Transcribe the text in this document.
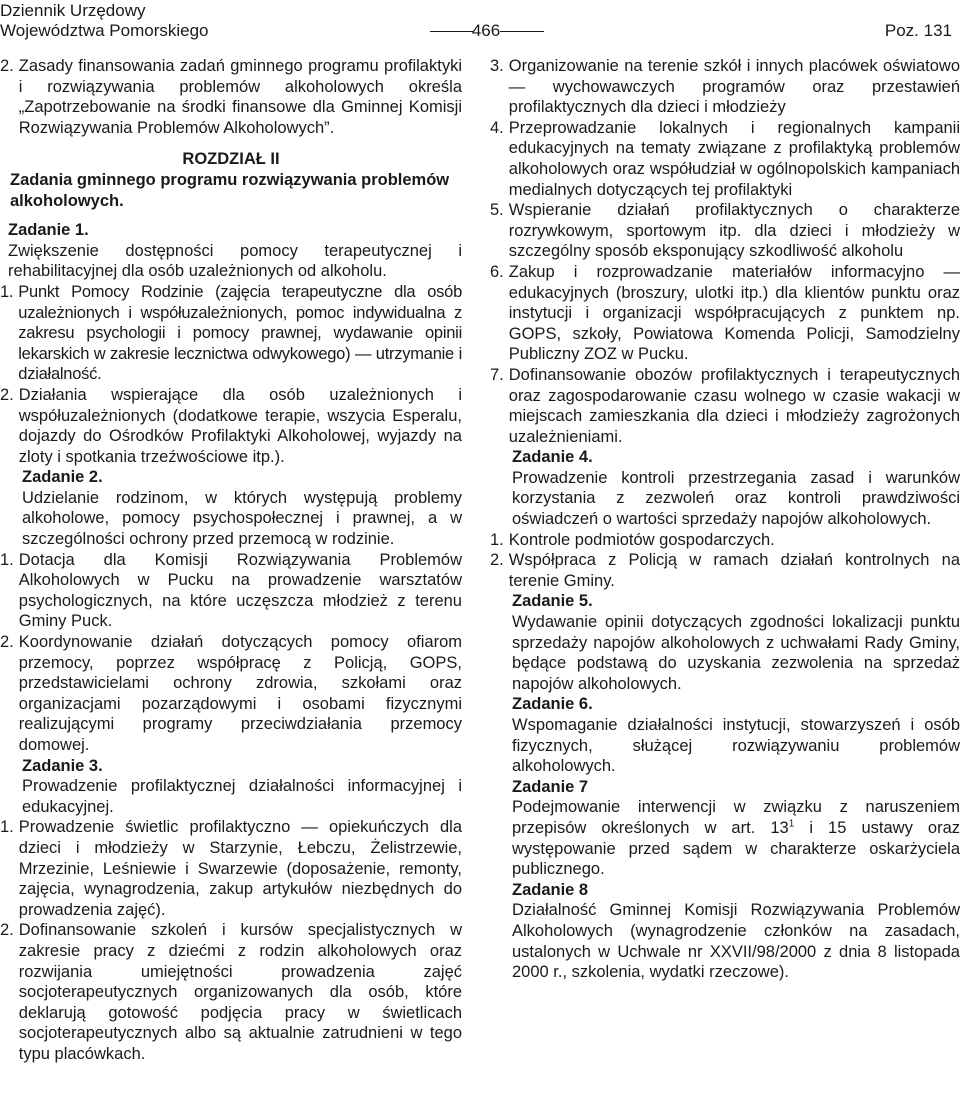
Dziennik Urzędowy Województwa Pomorskiego	466	Poz. 131
2. Zasady finansowania zadań gminnego programu profilaktyki i rozwiązywania problemów alkoholowych określa „Zapotrzebowanie na środki finansowe dla Gminnej Komisji Rozwiązywania Problemów Alkoholowych”.

ROZDZIAŁ II

Zadania gminnego programu rozwiązywania problemów alkoholowych.

Zadanie 1.

Zwiększenie dostępności pomocy terapeutycznej i rehabilitacyjnej dla osób uzależnionych od alkoholu.

1. Punkt Pomocy Rodzinie (zajęcia terapeutyczne dla osób uzależnionych i współuzależnionych, pomoc indywidualna z zakresu psychologii i pomocy prawnej, wydawanie opinii lekarskich w zakresie lecznictwa odwykowego) — utrzymanie i działalność.
2. Działania wspierające dla osób uzależnionych i współuzależnionych (dodatkowe terapie, wszycia Esperalu, dojazdy do Ośrodków Profilaktyki Alkoholowej, wyjazdy na zloty i spotkania trzeźwościowe itp.).

Zadanie 2.

Udzielanie rodzinom, w których występują problemy alkoholowe, pomocy psychospołecznej i prawnej, a w szczególności ochrony przed przemocą w rodzinie.

1. Dotacja dla Komisji Rozwiązywania Problemów Alkoholowych w Pucku na prowadzenie warsztatów psychologicznych, na które uczęszcza młodzież z terenu Gminy Puck.
2. Koordynowanie działań dotyczących pomocy ofiarom przemocy, poprzez współpracę z Policją, GOPS, przedstawicielami ochrony zdrowia, szkołami oraz organizacjami pozarządowymi i osobami fizycznymi realizującymi programy przeciwdziałania przemocy domowej.

Zadanie 3.

Prowadzenie profilaktycznej działalności informacyjnej i edukacyjnej.

1. Prowadzenie świetlic profilaktyczno — opiekuńczych dla dzieci i młodzieży w Starzynie, Łebczu, Żelistrzewie, Mrzezinie, Leśniewie i Swarzewie (doposażenie, remonty, zajęcia, wynagrodzenia, zakup artykułów niezbędnych do prowadzenia zajęć).
2. Dofinansowanie szkoleń i kursów specjalistycznych w zakresie pracy z dziećmi z rodzin alkoholowych oraz rozwijania umiejętności prowadzenia zajęć socjoterapeutycznych organizowanych dla osób, które deklarują gotowość podjęcia pracy w świetlicach socjoterapeutycznych albo są aktualnie zatrudnieni w tego typu placówkach.
3. Organizowanie na terenie szkół i innych placówek oświatowo — wychowawczych programów oraz przestawień profilaktycznych dla dzieci i młodzieży
4. Przeprowadzanie lokalnych i regionalnych kampanii edukacyjnych na tematy związane z profilaktyką problemów alkoholowych oraz współudział w ogólnopolskich kampaniach medialnych dotyczących tej profilaktyki
5. Wspieranie działań profilaktycznych o charakterze rozrywkowym, sportowym itp. dla dzieci i młodzieży w szczególny sposób eksponujący szkodliwość alkoholu
6. Zakup i rozprowadzanie materiałów informacyjno — edukacyjnych (broszury, ulotki itp.) dla klientów punktu oraz instytucji i organizacji współpracujących z punktem np. GOPS, szkoły, Powiatowa Komenda Policji, Samodzielny Publiczny ZOZ w Pucku.
7. Dofinansowanie obozów profilaktycznych i terapeutycznych oraz zagospodarowanie czasu wolnego w czasie wakacji w miejscach zamieszkania dla dzieci i młodzieży zagrożonych uzależnieniami.

Zadanie 4.

Prowadzenie kontroli przestrzegania zasad i warunków korzystania z zezwoleń oraz kontroli prawdziwości oświadczeń o wartości sprzedaży napojów alkoholowych.

1. Kontrole podmiotów gospodarczych.
2. Współpraca z Policją w ramach działań kontrolnych na terenie Gminy.

Zadanie 5.

Wydawanie opinii dotyczących zgodności lokalizacji punktu sprzedaży napojów alkoholowych z uchwałami Rady Gminy, będące podstawą do uzyskania zezwolenia na sprzedaż napojów alkoholowych.

Zadanie 6.

Wspomaganie działalności instytucji, stowarzyszeń i osób fizycznych, służącej rozwiązywaniu problemów alkoholowych.

Zadanie 7

Podejmowanie interwencji w związku z naruszeniem przepisów określonych w art. $13^1$ i 15 ustawy oraz występowanie przed sądem w charakterze oskarżyciela publicznego.

Zadanie 8

Działalność Gminnej Komisji Rozwiązywania Problemów Alkoholowych (wynagrodzenie członków na zasadach, ustalonych w Uchwale nr XXVII/98/2000 z dnia 8 listopada 2000 r., szkolenia, wydatki rzeczowe).
